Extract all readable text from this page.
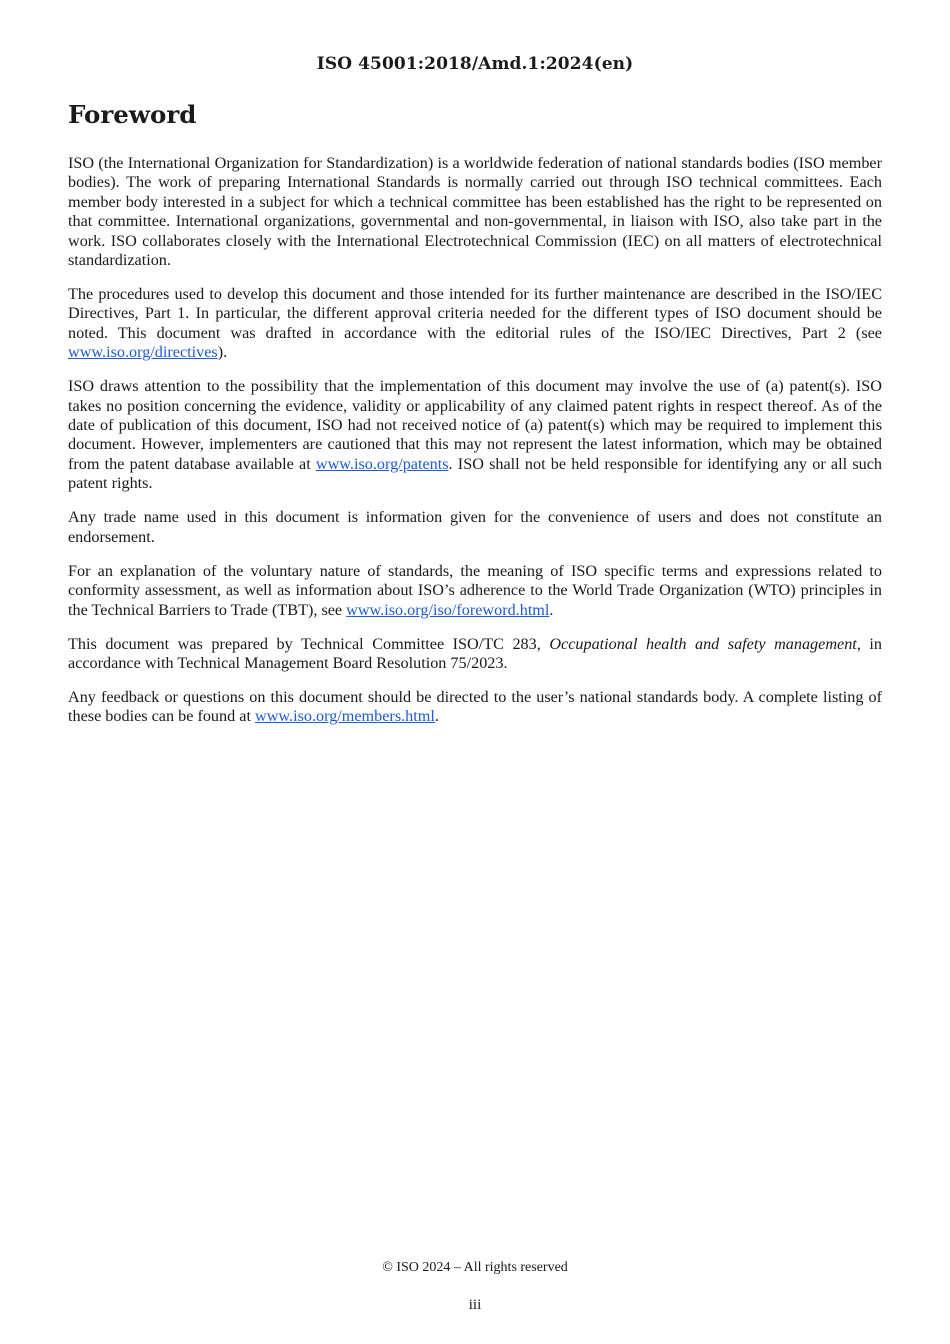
ISO 45001:2018/Amd.1:2024(en)
Foreword

ISO (the International Organization for Standardization) is a worldwide federation of national standards bodies (ISO member bodies). The work of preparing International Standards is normally carried out through ISO technical committees. Each member body interested in a subject for which a technical committee has been established has the right to be represented on that committee. International organizations, governmental and non-governmental, in liaison with ISO, also take part in the work. ISO collaborates closely with the International Electrotechnical Commission (IEC) on all matters of electrotechnical standardization.

The procedures used to develop this document and those intended for its further maintenance are described in the ISO/IEC Directives, Part 1. In particular, the different approval criteria needed for the different types of ISO document should be noted. This document was drafted in accordance with the editorial rules of the ISO/IEC Directives, Part 2 (see www.iso.org/directives).

ISO draws attention to the possibility that the implementation of this document may involve the use of (a) patent(s). ISO takes no position concerning the evidence, validity or applicability of any claimed patent rights in respect thereof. As of the date of publication of this document, ISO had not received notice of (a) patent(s) which may be required to implement this document. However, implementers are cautioned that this may not represent the latest information, which may be obtained from the patent database available at www.iso.org/patents. ISO shall not be held responsible for identifying any or all such patent rights.

Any trade name used in this document is information given for the convenience of users and does not constitute an endorsement.

For an explanation of the voluntary nature of standards, the meaning of ISO specific terms and expressions related to conformity assessment, as well as information about ISO’s adherence to the World Trade Organization (WTO) principles in the Technical Barriers to Trade (TBT), see www.iso.org/iso/foreword.html.

This document was prepared by Technical Committee ISO/TC 283, Occupational health and safety management, in accordance with Technical Management Board Resolution 75/2023.

Any feedback or questions on this document should be directed to the user’s national standards body. A complete listing of these bodies can be found at www.iso.org/members.html.

© ISO 2024 – All rights reserved
iii
